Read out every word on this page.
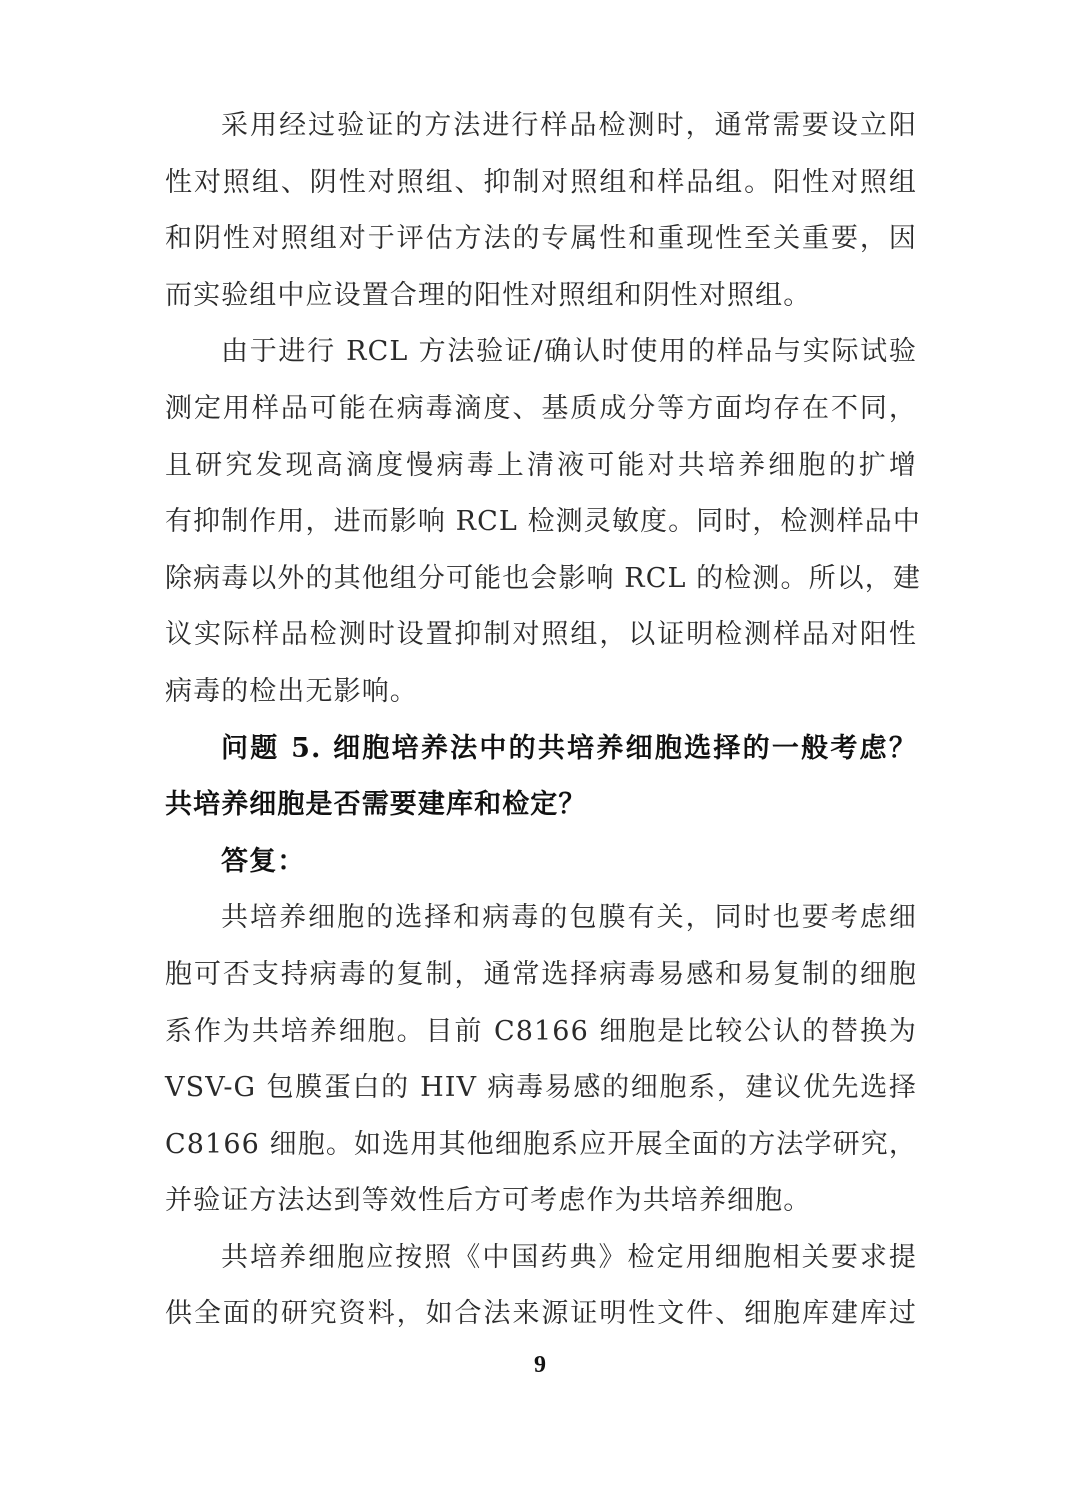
采用经过验证的方法进行样品检测时，通常需要设立阳
性对照组、阴性对照组、抑制对照组和样品组。阳性对照组
和阴性对照组对于评估方法的专属性和重现性至关重要，因
而实验组中应设置合理的阳性对照组和阴性对照组。
由于进行 RCL 方法验证/确认时使用的样品与实际试验
测定用样品可能在病毒滴度、基质成分等方面均存在不同，
且研究发现高滴度慢病毒上清液可能对共培养细胞的扩增
有抑制作用，进而影响 RCL 检测灵敏度。同时，检测样品中
除病毒以外的其他组分可能也会影响 RCL 的检测。所以，建
议实际样品检测时设置抑制对照组，以证明检测样品对阳性
病毒的检出无影响。
问题 5. 细胞培养法中的共培养细胞选择的一般考虑？
共培养细胞是否需要建库和检定？
答复：
共培养细胞的选择和病毒的包膜有关，同时也要考虑细
胞可否支持病毒的复制，通常选择病毒易感和易复制的细胞
系作为共培养细胞。目前 C8166 细胞是比较公认的替换为
VSV-G 包膜蛋白的 HIV 病毒易感的细胞系，建议优先选择
C8166 细胞。如选用其他细胞系应开展全面的方法学研究，
并验证方法达到等效性后方可考虑作为共培养细胞。
共培养细胞应按照《中国药典》检定用细胞相关要求提
供全面的研究资料，如合法来源证明性文件、细胞库建库过
9
